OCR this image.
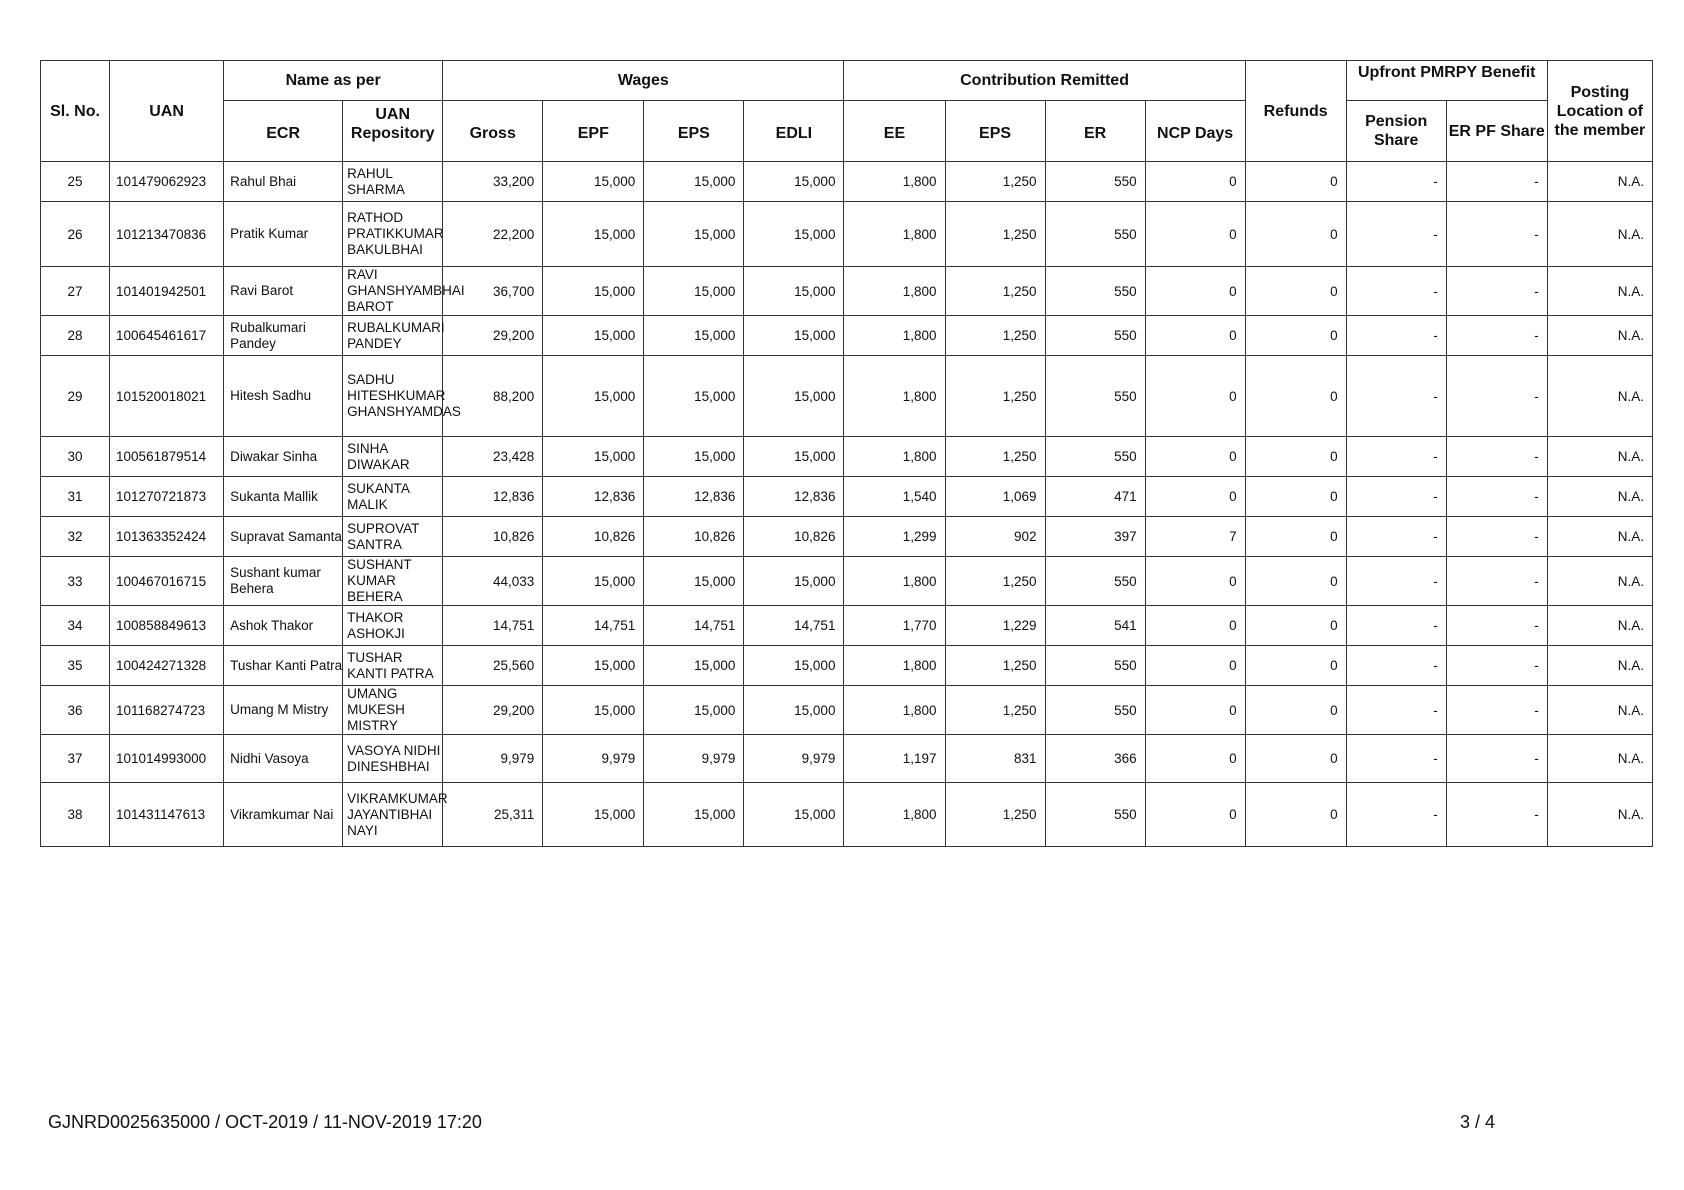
Sl. No.	UAN	Name as per		Wages				Contribution Remitted				Refunds	Upfront PMRPY Benefit		Posting Location of the member
		ECR	UAN Repository	Gross	EPF	EPS	EDLI	EE	EPS	ER	NCP Days		Pension Share	ER PF Share	
25	101479062923	Rahul Bhai	RAHUL SHARMA	33,200	15,000	15,000	15,000	1,800	1,250	550	0	0	-	-	N.A.
26	101213470836	Pratik Kumar	RATHOD PRATIKKUMAR BAKULBHAI	22,200	15,000	15,000	15,000	1,800	1,250	550	0	0	-	-	N.A.
27	101401942501	Ravi Barot	RAVI GHANSHYAMBHAI BAROT	36,700	15,000	15,000	15,000	1,800	1,250	550	0	0	-	-	N.A.
28	100645461617	Rubalkumari Pandey	RUBALKUMARI PANDEY	29,200	15,000	15,000	15,000	1,800	1,250	550	0	0	-	-	N.A.
29	101520018021	Hitesh Sadhu	SADHU HITESHKUMAR GHANSHYAMDAS	88,200	15,000	15,000	15,000	1,800	1,250	550	0	0	-	-	N.A.
30	100561879514	Diwakar Sinha	SINHA DIWAKAR	23,428	15,000	15,000	15,000	1,800	1,250	550	0	0	-	-	N.A.
31	101270721873	Sukanta Mallik	SUKANTA MALIK	12,836	12,836	12,836	12,836	1,540	1,069	471	0	0	-	-	N.A.
32	101363352424	Supravat Samanta	SUPROVAT SANTRA	10,826	10,826	10,826	10,826	1,299	902	397	7	0	-	-	N.A.
33	100467016715	Sushant kumar Behera	SUSHANT KUMAR BEHERA	44,033	15,000	15,000	15,000	1,800	1,250	550	0	0	-	-	N.A.
34	100858849613	Ashok Thakor	THAKOR ASHOKJI	14,751	14,751	14,751	14,751	1,770	1,229	541	0	0	-	-	N.A.
35	100424271328	Tushar Kanti Patra	TUSHAR KANTI PATRA	25,560	15,000	15,000	15,000	1,800	1,250	550	0	0	-	-	N.A.
36	101168274723	Umang M Mistry	UMANG MUKESH MISTRY	29,200	15,000	15,000	15,000	1,800	1,250	550	0	0	-	-	N.A.
37	101014993000	Nidhi Vasoya	VASOYA NIDHI DINESHBHAI	9,979	9,979	9,979	9,979	1,197	831	366	0	0	-	-	N.A.
38	101431147613	Vikramkumar Nai	VIKRAMKUMAR JAYANTIBHAI NAYI	25,311	15,000	15,000	15,000	1,800	1,250	550	0	0	-	-	N.A.
GJNRD0025635000 / OCT-2019 / 11-NOV-2019 17:20	3 / 4
